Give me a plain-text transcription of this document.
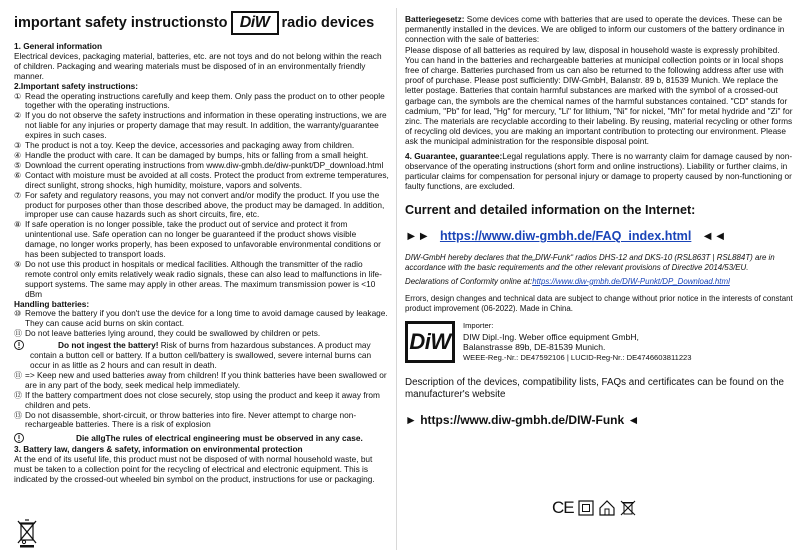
important safety instructionsto DiW radio devices
1. General information
Electrical devices, packaging material, batteries, etc. are not toys and do not belong within the reach of children. Packaging and wearing materials must be disposed of in an environmentally friendly manner.
2.Important safety instructions:
① Read the operating instructions carefully and keep them. Only pass the product on to other people together with the operating instructions.
② If you do not observe the safety instructions and information in these operating instructions, we are not liable for any injuries or property damage that may result. In addition, the warranty/guarantee expires in such cases.
③ The product is not a toy. Keep the device, accessories and packaging away from children.
④ Handle the product with care. It can be damaged by bumps, hits or falling from a small height.
⑤ Download the current operating instructions from www.diw-gmbh.de/diw-punkt/DP_download.html
⑥ Contact with moisture must be avoided at all costs. Protect the product from extreme temperatures, direct sunlight, strong shocks, high humidity, moisture, vapors and solvents.
⑦ For safety and regulatory reasons, you may not convert and/or modify the product. If you use the product for purposes other than those described above, the product may be damaged. In addition, improper use can cause hazards such as short circuits, fire, etc.
⑧ If safe operation is no longer possible, take the product out of service and protect it from unintentional use. Safe operation can no longer be guaranteed if the product shows visible damage, no longer works properly, has been exposed to unfavorable environmental conditions or has been subjected to transport loads.
⑨ Do not use this product in hospitals or medical facilities. Although the transmitter of the radio remote control only emits relatively weak radio signals, these can also lead to malfunctions in life-support systems. The same may apply in other areas. The maximum transmission power is <10 dBm
Handling batteries:
⑩ Remove the battery if you don't use the device for a long time to avoid damage caused by leakage. They can cause acid burns on skin contact.
⑪ Do not leave batteries lying around, they could be swallowed by children or pets.
Do not ingest the battery! Risk of burns from hazardous substances. A product may contain a button cell or battery. If a button cell/battery is swallowed, severe internal burns can occur in as little as 2 hours and can result in death.
⑪ => Keep new and used batteries away from children! If you think batteries have been swallowed or are in any part of the body, seek medical help immediately.
⑫ If the battery compartment does not close securely, stop using the product and keep it away from children and pets.
⑬ Do not disassemble, short-circuit, or throw batteries into fire. Never attempt to charge non-rechargeable batteries. There is a risk of explosion
Die allgThe rules of electrical engineering must be observed in any case.
3. Battery law, dangers & safety, information on environmental protection
At the end of its useful life, this product must not be disposed of with normal household waste, but must be taken to a collection point for the recycling of electrical and electronic equipment. This is indicated by the crossed-out wheeled bin symbol on the product, instructions for use or packaging.
Batteriegesetz: Some devices come with batteries that are used to operate the devices. These can be permanently installed in the devices. We are obliged to inform our customers of the battery ordinance in connection with the sale of batteries:
Please dispose of all batteries as required by law, disposal in household waste is expressly prohibited. You can hand in the batteries and rechargeable batteries at municipal collection points or in local shops free of charge. Batteries purchased from us can also be returned to the following address after use with proof of purchase. Please post sufficiently: DIW-GmbH, Balanstr. 89 b, 81539 Munich. We replace the letter postage. Batteries that contain harmful substances are marked with the symbol of a crossed-out garbage can, the symbols are the chemical names of the harmful substances contained. "CD" stands for cadmium, "Pb" for lead, "Hg" for mercury, "Li" for lithium, "Ni" for nickel, "Mh" for metal hydride and "Zi" for zinc. The materials are recyclable according to their labeling. By reusing, material recycling or other forms of recycling old devices, you are making an important contribution to protecting our environment. Please ask the municipal administration for the responsible disposal point.
4. Guarantee, guarantee:Legal regulations apply. There is no warranty claim for damage caused by non-observance of the operating instructions (short form and online instructions). Liability or further claims, in particular claims for compensation for personal injury or damage to property caused by non-functioning or faulty functions, are excluded.
Current and detailed information on the Internet:
►► https://www.diw-gmbh.de/FAQ_index.html ◄◄
DIW-GmbH hereby declares that the„DIW-Funk“ radios DHS-12 and DKS-10 (RSL863T | RSL884T) are in accordance with the basic requirements and the other relevant provisions of Directive 2014/53/EU.
Declarations of Conformity online at:https://www.diw-gmbh.de/DIW-Punkt/DP_Download.html
Errors, design changes and technical data are subject to change without prior notice in the interests of constant product improvement (06-2022). Made in China.
DiW
Importer:
DIW Dipl.-Ing. Weber office equipment GmbH,
Balanstrasse 89b, DE-81539 Munich.
WEEE-Reg.-Nr.: DE47592106 | LUCID-Reg-Nr.: DE4746603811223
Description of the devices, compatibility lists, FAQs and certificates can be found on the manufacturer's website
► https://www.diw-gmbh.de/DIW-Funk ◄
CE
